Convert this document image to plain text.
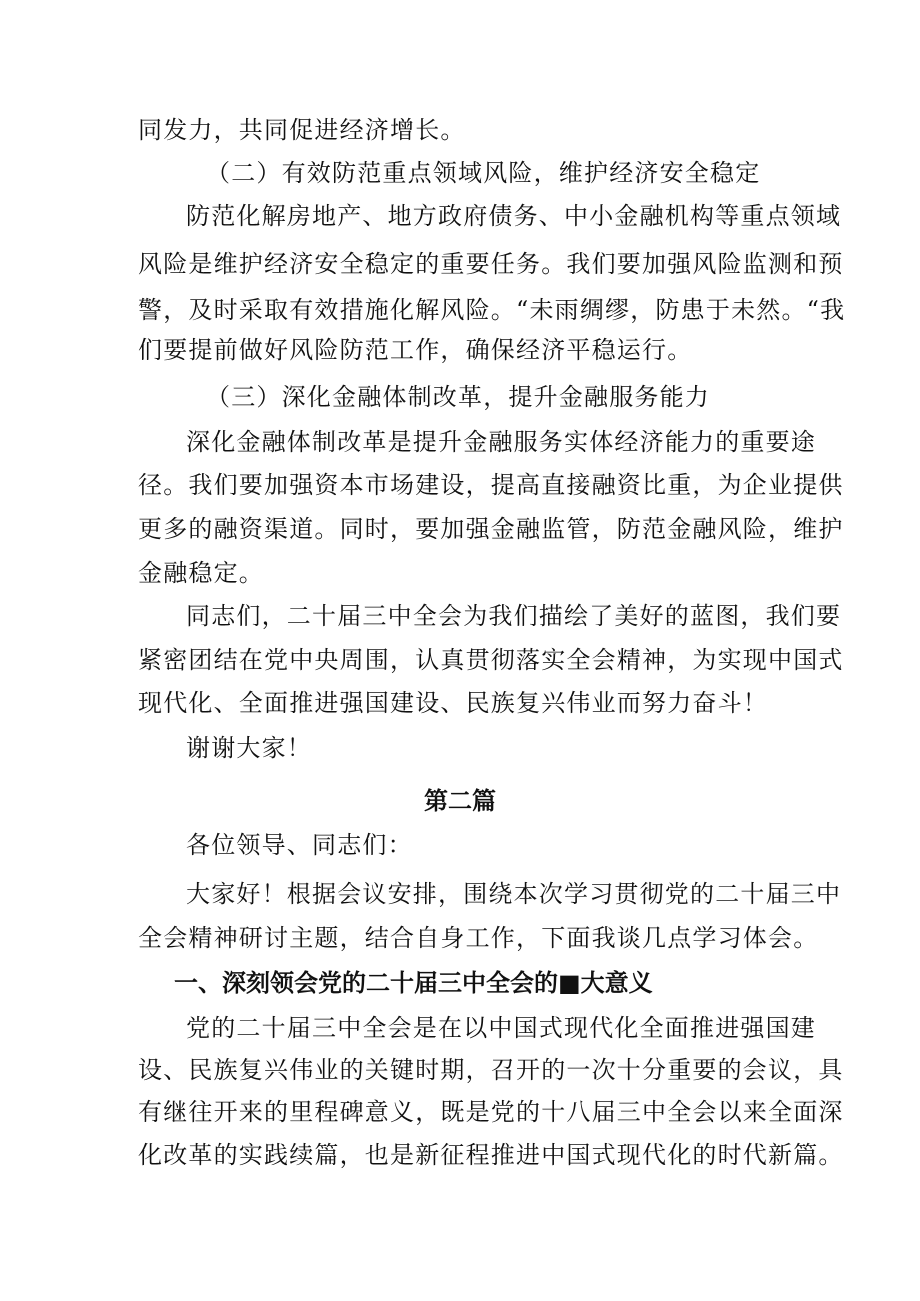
同发力，共同促进经济增长。
（二）有效防范重点领域风险，维护经济安全稳定
防范化解房地产、地方政府债务、中小金融机构等重点领域
风险是维护经济安全稳定的重要任务。我们要加强风险监测和预
警，及时采取有效措施化解风险。“未雨绸缪，防患于未然。“我
们要提前做好风险防范工作，确保经济平稳运行。
（三）深化金融体制改革，提升金融服务能力
深化金融体制改革是提升金融服务实体经济能力的重要途
径。我们要加强资本市场建设，提高直接融资比重，为企业提供
更多的融资渠道。同时，要加强金融监管，防范金融风险，维护
金融稳定。
同志们，二十届三中全会为我们描绘了美好的蓝图，我们要
紧密团结在党中央周围，认真贯彻落实全会精神，为实现中国式
现代化、全面推进强国建设、民族复兴伟业而努力奋斗！
谢谢大家！
第二篇
各位领导、同志们：
大家好！根据会议安排，围绕本次学习贯彻党的二十届三中
全会精神研讨主题，结合自身工作，下面我谈几点学习体会。
一、深刻领会党的二十届三中全会的■大意义
党的二十届三中全会是在以中国式现代化全面推进强国建
设、民族复兴伟业的关键时期，召开的一次十分重要的会议，具
有继往开来的里程碑意义，既是党的十八届三中全会以来全面深
化改革的实践续篇，也是新征程推进中国式现代化的时代新篇。
